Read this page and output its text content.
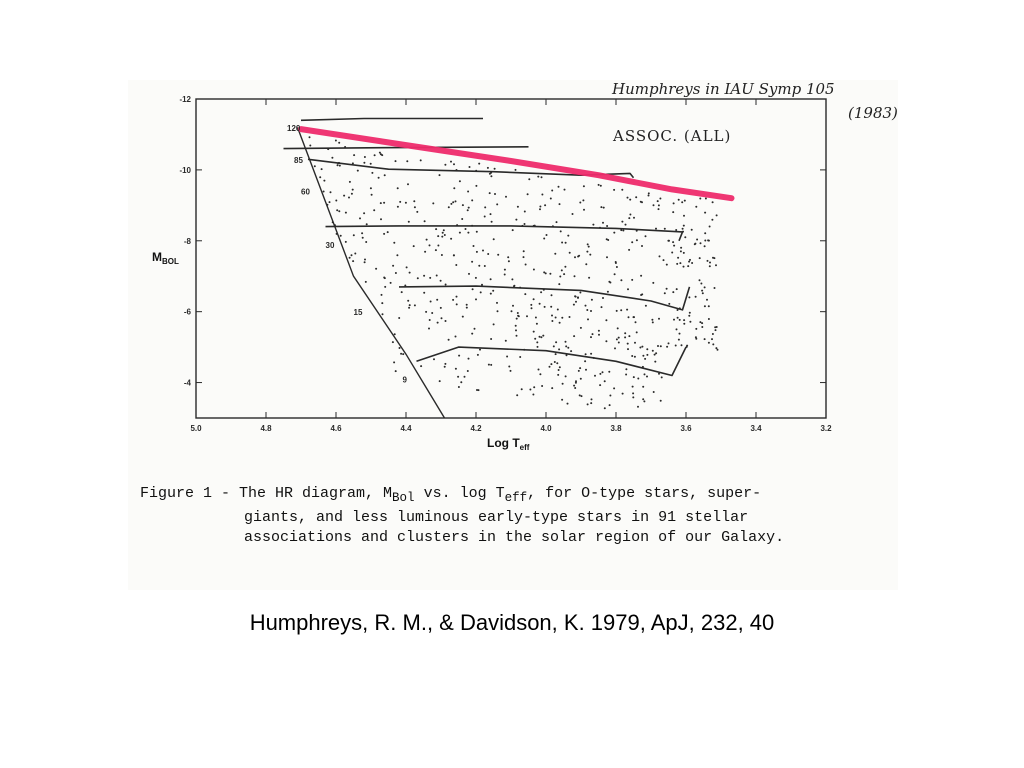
5.0	4.8	4.6	4.4	4.2	4.0	3.8	3.6	3.4	3.2
-12
-10
-8
-6
-4
120
85
60
30
15
9
Humphreys in IAU Symp 105
(1983)
ASSOC. (ALL)
$M_{BOL}$
Log $T_{eff}$
Figure 1 - The HR diagram, $M_{Bol}$ vs. $\log T_{eff}$, for O-type stars, super-
giants, and less luminous early-type stars in 91 stellar
associations and clusters in the solar region of our Galaxy.
Humphreys, R. M., & Davidson, K. 1979, ApJ, 232, 40
